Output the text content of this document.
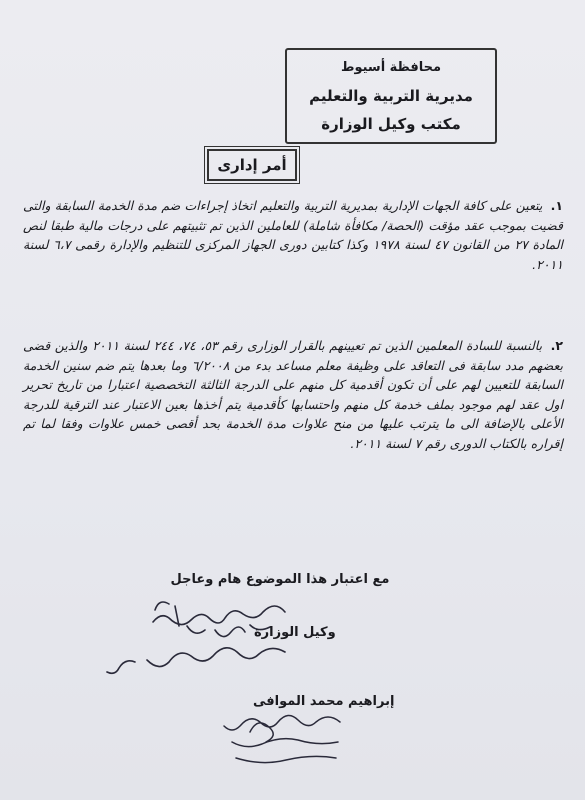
محافظة أسيوط
مديرية التربية والتعليم
مكتب وكيل الوزارة
أمر إدارى
١. يتعين على كافة الجهات الإدارية بمديرية التربية والتعليم اتخاذ إجراءات ضم مدة الخدمة السابقة والتى قضيت بموجب عقد مؤقت (الحصة/ مكافأة شاملة) للعاملين الذين تم تثبيتهم على درجات مالية طبقا لنص المادة ٢٧ من القانون ٤٧ لسنة ١٩٧٨ وكذا كتابين دورى الجهاز المركزى للتنظيم والإدارة رقمى ٦،٧ لسنة ٢٠١١.
٢. بالنسبة للسادة المعلمين الذين تم تعيينهم بالقرار الوزارى رقم ٥٣، ٧٤، ٢٤٤ لسنة ٢٠١١ والذين قضى بعضهم مدد سابقة فى التعاقد على وظيفة معلم مساعد بدء من ٦/٢٠٠٨ وما بعدها يتم ضم سنين الخدمة السابقة للتعيين لهم على أن تكون أقدمية كل منهم على الدرجة الثالثة التخصصية اعتبارا من تاريخ تحرير اول عقد لهم موجود بملف خدمة كل منهم واحتسابها كأقدمية يتم أخذها بعين الاعتبار عند الترقية للدرجة الأعلى بالإضافة الى ما يترتب عليها من منح علاوات مدة الخدمة بحد أقصى خمس علاوات وفقا لما تم إقراره بالكتاب الدورى رقم ٧ لسنة ٢٠١١.
مع اعتبار هذا الموضوع هام وعاجل
وكيل الوزارة
إبراهيم محمد الموافى
